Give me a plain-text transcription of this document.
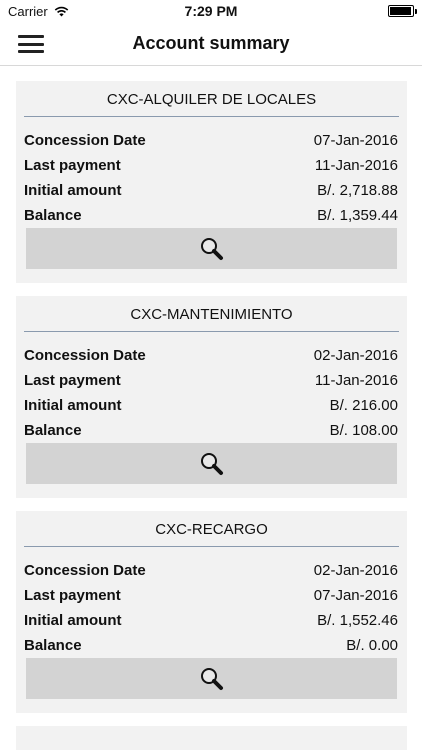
Carrier	7:29 PM
Account summary
CXC-ALQUILER DE LOCALES
Concession Date	07-Jan-2016
Last payment	11-Jan-2016
Initial amount	B/. 2,718.88
Balance	B/. 1,359.44
CXC-MANTENIMIENTO
Concession Date	02-Jan-2016
Last payment	11-Jan-2016
Initial amount	B/. 216.00
Balance	B/. 108.00
CXC-RECARGO
Concession Date	02-Jan-2016
Last payment	07-Jan-2016
Initial amount	B/. 1,552.46
Balance	B/. 0.00
